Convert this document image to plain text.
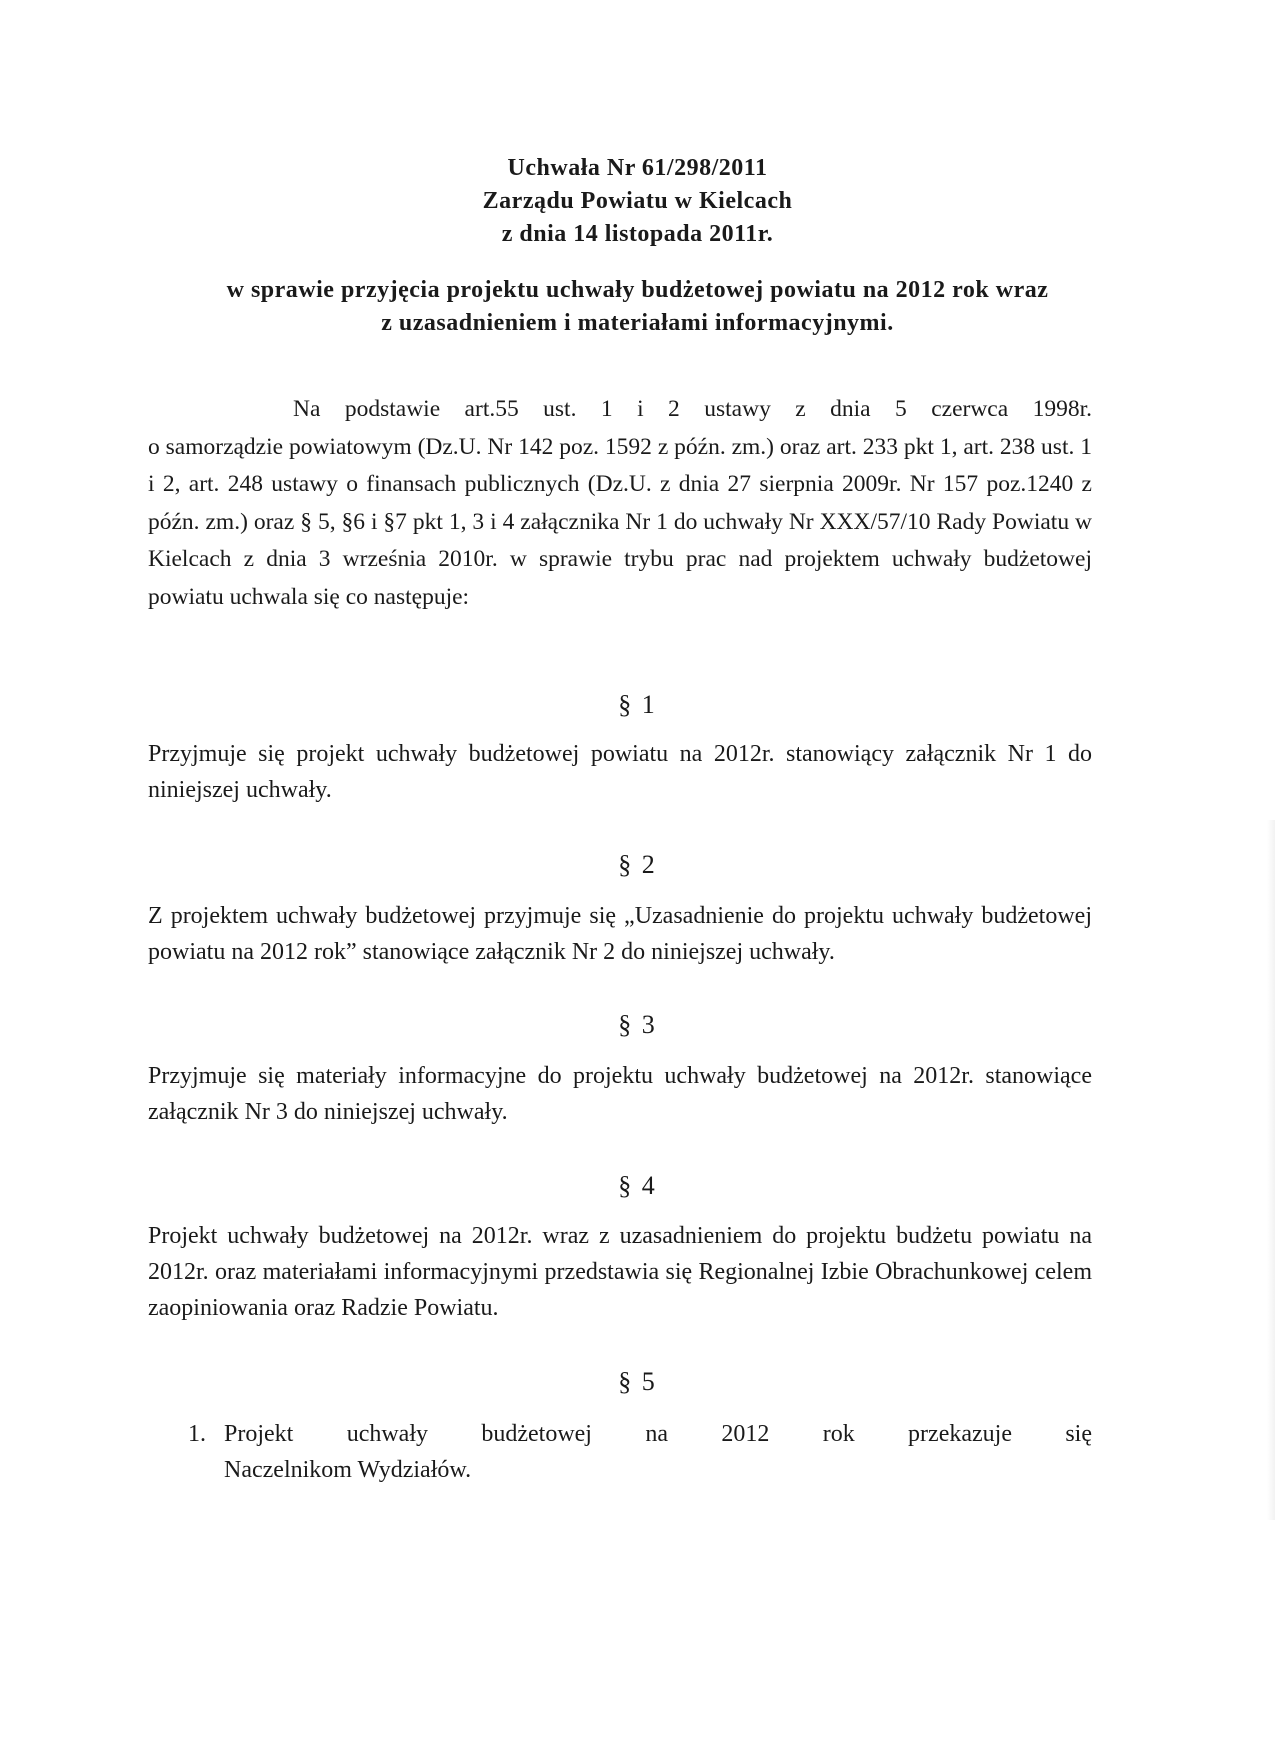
Uchwała Nr 61/298/2011
Zarządu Powiatu w Kielcach
z dnia 14 listopada 2011r.
w sprawie przyjęcia projektu uchwały budżetowej powiatu na 2012 rok wraz
z uzasadnieniem i materiałami informacyjnymi.
Na podstawie art.55 ust. 1 i 2 ustawy z dnia 5 czerwca 1998r.
o samorządzie powiatowym (Dz.U. Nr 142 poz. 1592 z późn. zm.) oraz art. 233 pkt 1, art. 238 ust. 1 i 2, art. 248 ustawy o finansach publicznych (Dz.U. z dnia 27 sierpnia 2009r. Nr 157 poz.1240 z późn. zm.) oraz § 5, §6 i §7 pkt 1, 3 i 4 załącznika Nr 1 do uchwały Nr XXX/57/10 Rady Powiatu w Kielcach z dnia 3 września 2010r. w sprawie trybu prac nad projektem uchwały budżetowej powiatu uchwala się co następuje:
§ 1
Przyjmuje się projekt uchwały budżetowej powiatu na 2012r. stanowiący załącznik Nr 1 do niniejszej uchwały.
§ 2
Z projektem uchwały budżetowej przyjmuje się „Uzasadnienie do projektu uchwały budżetowej powiatu na 2012 rok” stanowiące załącznik Nr 2 do niniejszej uchwały.
§ 3
Przyjmuje się materiały informacyjne do projektu uchwały budżetowej na 2012r. stanowiące załącznik Nr 3 do niniejszej uchwały.
§ 4
Projekt uchwały budżetowej na 2012r. wraz z uzasadnieniem do projektu budżetu powiatu na 2012r. oraz materiałami informacyjnymi przedstawia się Regionalnej Izbie Obrachunkowej celem zaopiniowania oraz Radzie Powiatu.
§ 5
1. Projekt uchwały budżetowej na 2012 rok przekazuje się
Naczelnikom Wydziałów.
